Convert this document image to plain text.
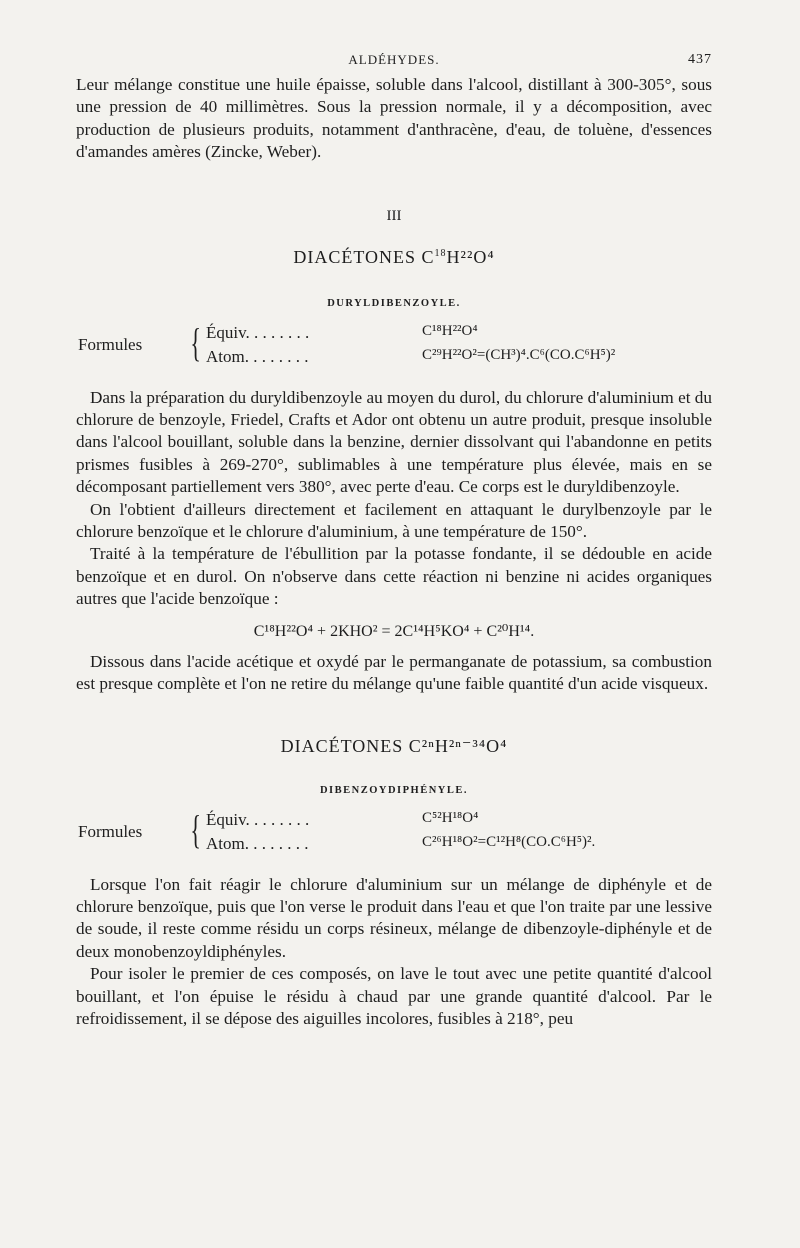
ALDÉHYDES.	437

Leur mélange constitue une huile épaisse, soluble dans l'alcool, distillant à 300-305°, sous une pression de 40 millimètres. Sous la pression normale, il y a décomposition, avec production de plusieurs produits, notamment d'anthracène, d'eau, de toluène, d'essences d'amandes amères (Zincke, Weber).

III
DIACÉTONES $C^{18}H^{22}O^4$
DURYLDIBENZOYLE.
Formules { Équiv. . . . . . . .	C¹⁸H²²O⁴
Atom. . . . . . . .	C²⁹H²²O²=(CH³)⁴.C⁶(CO.C⁶H⁵)²

Dans la préparation du duryldibenzoyle au moyen du durol, du chlorure d'aluminium et du chlorure de benzoyle, Friedel, Crafts et Ador ont obtenu un autre produit, presque insoluble dans l'alcool bouillant, soluble dans la benzine, dernier dissolvant qui l'abandonne en petits prismes fusibles à 269-270°, sublimables à une température plus élevée, mais en se décomposant partiellement vers 380°, avec perte d'eau. Ce corps est le duryldibenzoyle.

On l'obtient d'ailleurs directement et facilement en attaquant le durylbenzoyle par le chlorure benzoïque et le chlorure d'aluminium, à une température de 150°.

Traité à la température de l'ébullition par la potasse fondante, il se dédouble en acide benzoïque et en durol. On n'observe dans cette réaction ni benzine ni acides organiques autres que l'acide benzoïque :

C¹⁸H²²O⁴ + 2KHO² = 2C¹⁴H⁵KO⁴ + C²⁰H¹⁴.

Dissous dans l'acide acétique et oxydé par le permanganate de potassium, sa combustion est presque complète et l'on ne retire du mélange qu'une faible quantité d'un acide visqueux.

DIACÉTONES C²ⁿH²ⁿ⁻³⁴O⁴
DIBENZOYDIPHÉNYLE.
Formules { Équiv. . . . . . . .	C⁵²H¹⁸O⁴
Atom. . . . . . . .	C²⁶H¹⁸O²=C¹²H⁸(CO.C⁶H⁵)².

Lorsque l'on fait réagir le chlorure d'aluminium sur un mélange de diphényle et de chlorure benzoïque, puis que l'on verse le produit dans l'eau et que l'on traite par une lessive de soude, il reste comme résidu un corps résineux, mélange de dibenzoyle-diphényle et de deux monobenzoyldiphényles.

Pour isoler le premier de ces composés, on lave le tout avec une petite quantité d'alcool bouillant, et l'on épuise le résidu à chaud par une grande quantité d'alcool. Par le refroidissement, il se dépose des aiguilles incolores, fusibles à 218°, peu
